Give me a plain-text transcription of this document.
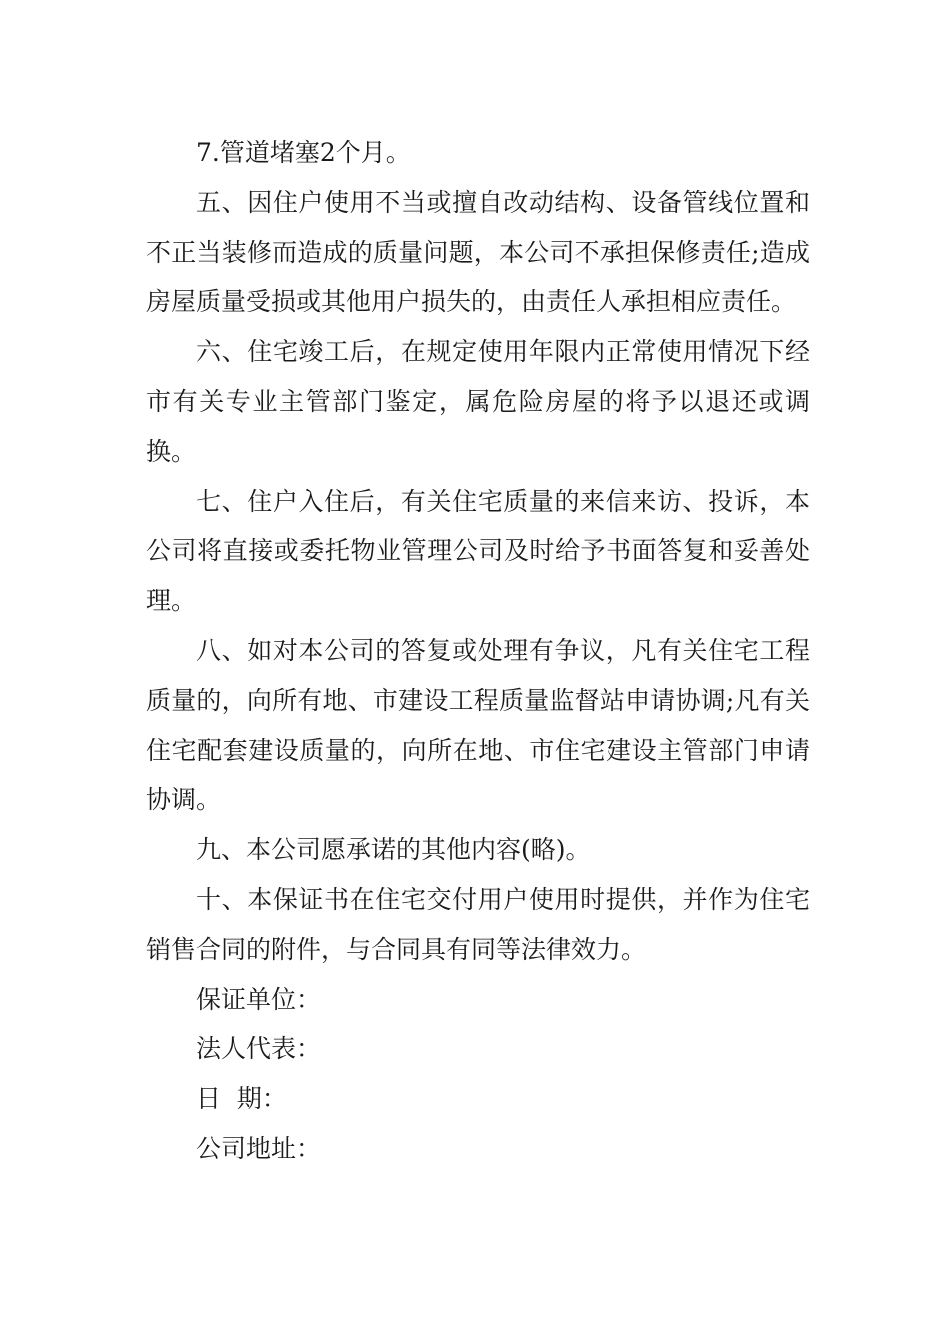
7.管道堵塞2个月。

五、因住户使用不当或擅自改动结构、设备管线位置和不正当装修而造成的质量问题，本公司不承担保修责任;造成房屋质量受损或其他用户损失的，由责任人承担相应责任。

六、住宅竣工后，在规定使用年限内正常使用情况下经市有关专业主管部门鉴定，属危险房屋的将予以退还或调换。

七、住户入住后，有关住宅质量的来信来访、投诉，本公司将直接或委托物业管理公司及时给予书面答复和妥善处理。

八、如对本公司的答复或处理有争议，凡有关住宅工程质量的，向所有地、市建设工程质量监督站申请协调;凡有关住宅配套建设质量的，向所在地、市住宅建设主管部门申请协调。

九、本公司愿承诺的其他内容(略)。

十、本保证书在住宅交付用户使用时提供，并作为住宅销售合同的附件，与合同具有同等法律效力。

保证单位：
法人代表：
日  期：
公司地址：
